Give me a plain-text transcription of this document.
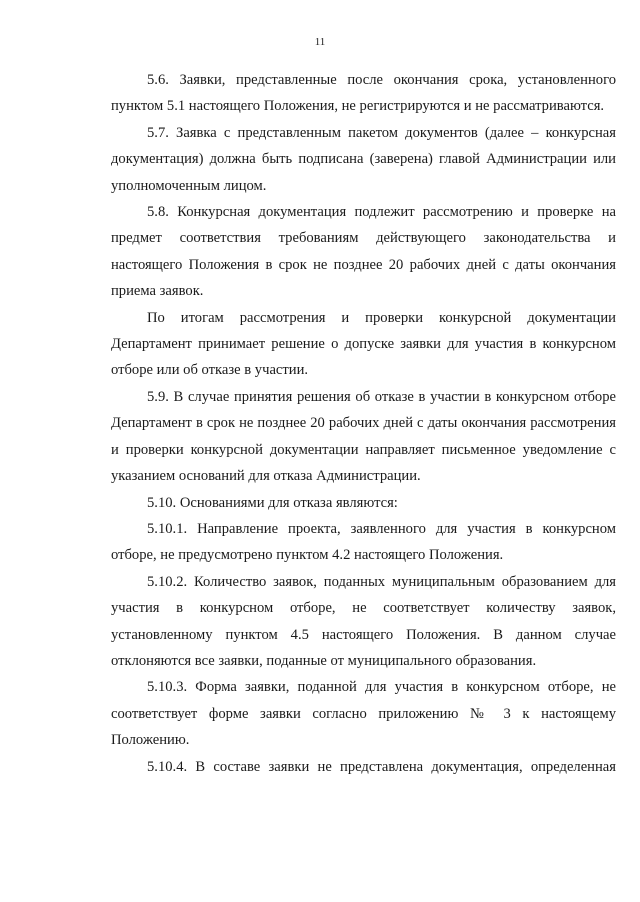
11

5.6. Заявки, представленные после окончания срока, установленного пунктом 5.1 настоящего Положения, не регистрируются и не рассматриваются.

5.7. Заявка с представленным пакетом документов (далее – конкурсная документация) должна быть подписана (заверена) главой Администрации или уполномоченным лицом.

5.8. Конкурсная документация подлежит рассмотрению и проверке на предмет соответствия требованиям действующего законодательства и настоящего Положения в срок не позднее 20 рабочих дней с даты окончания приема заявок.

По итогам рассмотрения и проверки конкурсной документации Департамент принимает решение о допуске заявки для участия в конкурсном отборе или об отказе в участии.

5.9. В случае принятия решения об отказе в участии в конкурсном отборе Департамент в срок не позднее 20 рабочих дней с даты окончания рассмотрения и проверки конкурсной документации направляет письменное уведомление с указанием оснований для отказа Администрации.

5.10. Основаниями для отказа являются:

5.10.1. Направление проекта, заявленного для участия в конкурсном отборе, не предусмотрено пунктом 4.2 настоящего Положения.

5.10.2. Количество заявок, поданных муниципальным образованием для участия в конкурсном отборе, не соответствует количеству заявок, установленному пунктом 4.5 настоящего Положения. В данном случае отклоняются все заявки, поданные от муниципального образования.

5.10.3. Форма заявки, поданной для участия в конкурсном отборе, не соответствует форме заявки согласно приложению № 3 к настоящему Положению.

5.10.4. В составе заявки не представлена документация, определенная
